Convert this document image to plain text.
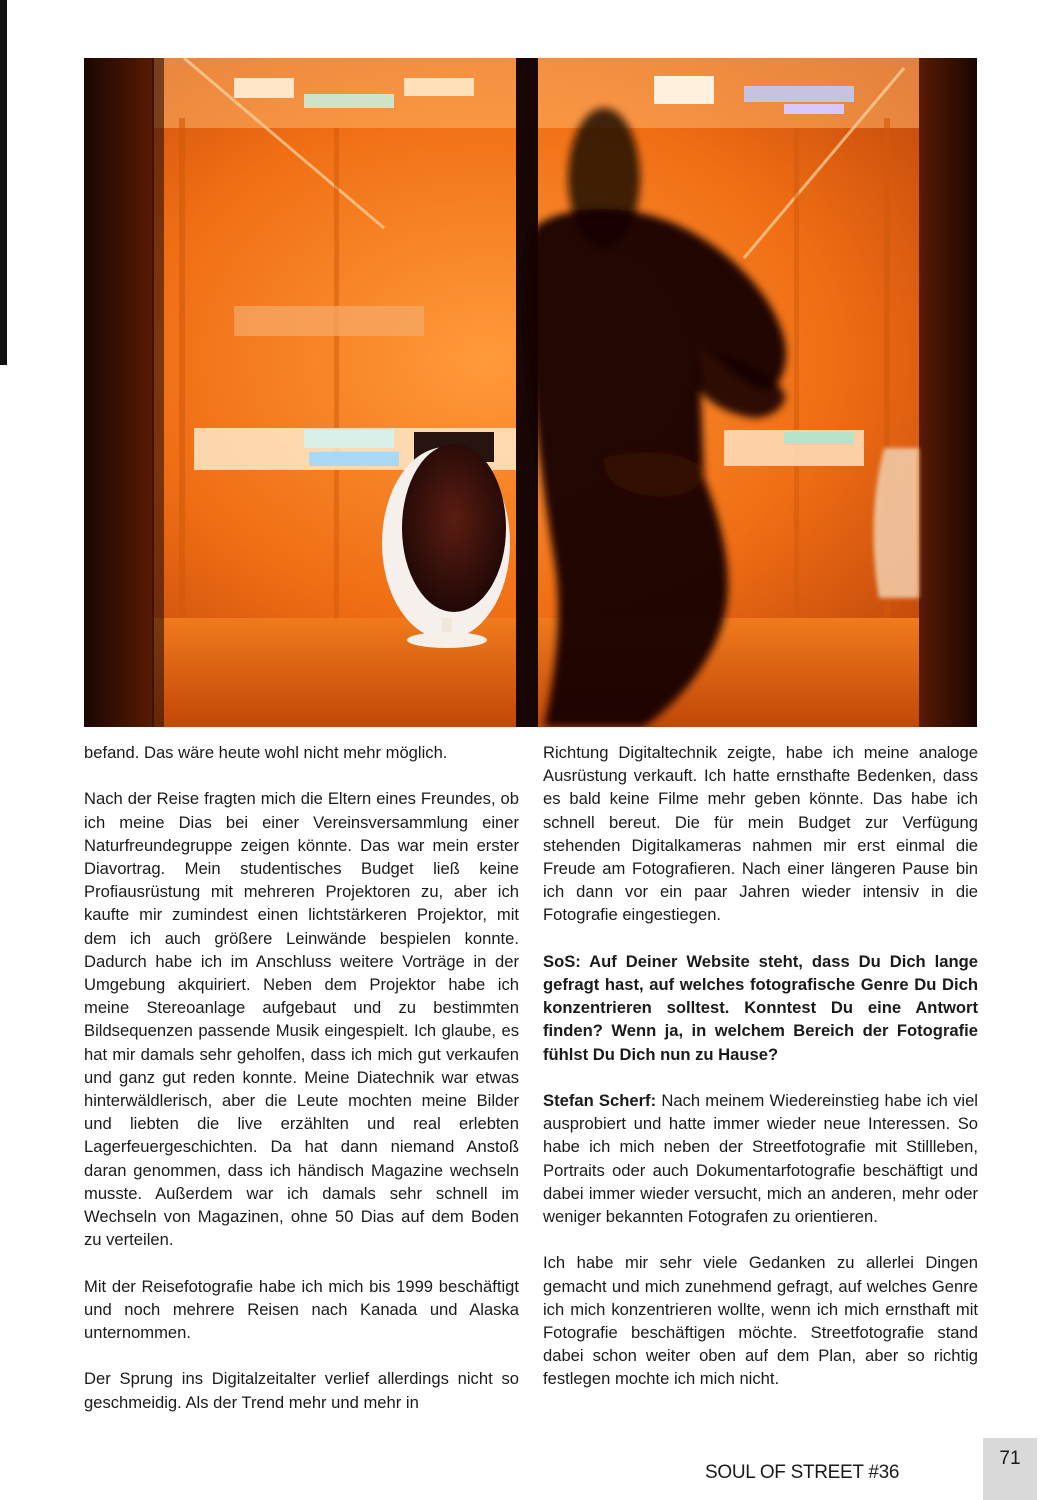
befand. Das wäre heute wohl nicht mehr möglich.

Nach der Reise fragten mich die Eltern eines Freundes, ob ich meine Dias bei einer Vereinsversammlung einer Naturfreundegruppe zeigen könnte. Das war mein erster Diavortrag. Mein studentisches Budget ließ keine Profiausrüstung mit mehreren Projektoren zu, aber ich kaufte mir zumindest einen lichtstärkeren Projektor, mit dem ich auch größere Leinwände bespielen konnte. Dadurch habe ich im Anschluss weitere Vorträge in der Umgebung akquiriert. Neben dem Projektor habe ich meine Stereoanlage aufgebaut und zu bestimmten Bildsequenzen passende Musik eingespielt. Ich glaube, es hat mir damals sehr geholfen, dass ich mich gut verkaufen und ganz gut reden konnte. Meine Diatechnik war etwas hinterwäldlerisch, aber die Leute mochten meine Bilder und liebten die live erzählten und real erlebten Lagerfeuergeschichten. Da hat dann niemand Anstoß daran genommen, dass ich händisch Magazine wechseln musste. Außerdem war ich damals sehr schnell im Wechseln von Magazinen, ohne 50 Dias auf dem Boden zu verteilen.

Mit der Reisefotografie habe ich mich bis 1999 beschäftigt und noch mehrere Reisen nach Kanada und Alaska unternommen.

Der Sprung ins Digitalzeitalter verlief allerdings nicht so geschmeidig. Als der Trend mehr und mehr in

Richtung Digitaltechnik zeigte, habe ich meine analoge Ausrüstung verkauft. Ich hatte ernsthafte Bedenken, dass es bald keine Filme mehr geben könnte. Das habe ich schnell bereut. Die für mein Budget zur Verfügung stehenden Digitalkameras nahmen mir erst einmal die Freude am Fotografieren. Nach einer längeren Pause bin ich dann vor ein paar Jahren wieder intensiv in die Fotografie eingestiegen.

SoS: Auf Deiner Website steht, dass Du Dich lange gefragt hast, auf welches fotografische Genre Du Dich konzentrieren solltest. Konntest Du eine Antwort finden? Wenn ja, in welchem Bereich der Fotografie fühlst Du Dich nun zu Hause?

Stefan Scherf: Nach meinem Wiedereinstieg habe ich viel ausprobiert und hatte immer wieder neue Interessen. So habe ich mich neben der Streetfotografie mit Stillleben, Portraits oder auch Dokumentarfotografie beschäftigt und dabei immer wieder versucht, mich an anderen, mehr oder weniger bekannten Fotografen zu orientieren.

Ich habe mir sehr viele Gedanken zu allerlei Dingen gemacht und mich zunehmend gefragt, auf welches Genre ich mich konzentrieren wollte, wenn ich mich ernsthaft mit Fotografie beschäftigen möchte. Streetfotografie stand dabei schon weiter oben auf dem Plan, aber so richtig festlegen mochte ich mich nicht.

SOUL OF STREET #36
71
